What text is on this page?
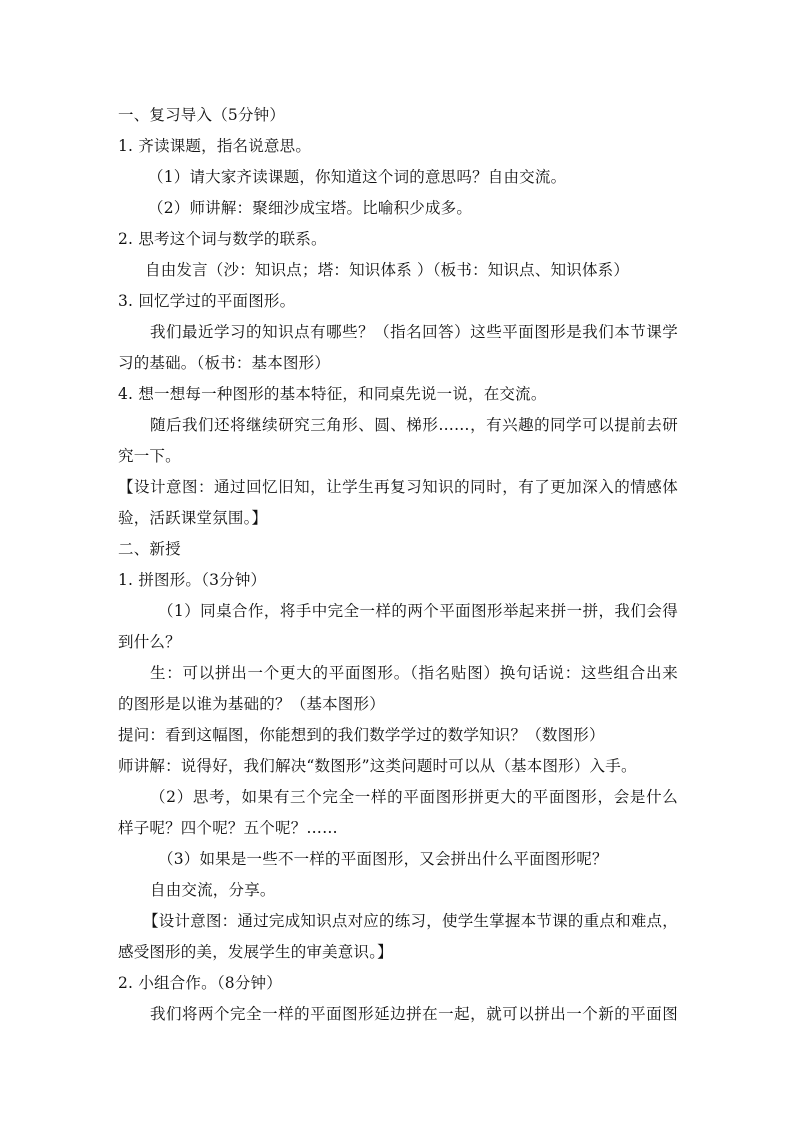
一、复习导入（5分钟）
1. 齐读课题，指名说意思。
（1）请大家齐读课题，你知道这个词的意思吗？自由交流。
（2）师讲解：聚细沙成宝塔。比喻积少成多。
2. 思考这个词与数学的联系。
自由发言（沙：知识点；塔：知识体系 ）（板书：知识点、知识体系）
3. 回忆学过的平面图形。
我们最近学习的知识点有哪些？（指名回答）这些平面图形是我们本节课学
习的基础。（板书：基本图形）
4. 想一想每一种图形的基本特征，和同桌先说一说，在交流。
随后我们还将继续研究三角形、圆、梯形……，有兴趣的同学可以提前去研
究一下。
【设计意图：通过回忆旧知，让学生再复习知识的同时，有了更加深入的情感体
验，活跃课堂氛围。】
二、新授
1. 拼图形。（3分钟）
（1）同桌合作，将手中完全一样的两个平面图形举起来拼一拼，我们会得
到什么？
生：可以拼出一个更大的平面图形。（指名贴图）换句话说：这些组合出来
的图形是以谁为基础的？（基本图形）
提问：看到这幅图，你能想到的我们数学学过的数学知识？（数图形）
师讲解：说得好，我们解决“数图形”这类问题时可以从（基本图形）入手。
（2）思考，如果有三个完全一样的平面图形拼更大的平面图形，会是什么
样子呢？四个呢？五个呢？……
（3）如果是一些不一样的平面图形，又会拼出什么平面图形呢？
自由交流，分享。
【设计意图：通过完成知识点对应的练习，使学生掌握本节课的重点和难点，
感受图形的美，发展学生的审美意识。】
2. 小组合作。（8分钟）
我们将两个完全一样的平面图形延边拼在一起，就可以拼出一个新的平面图
